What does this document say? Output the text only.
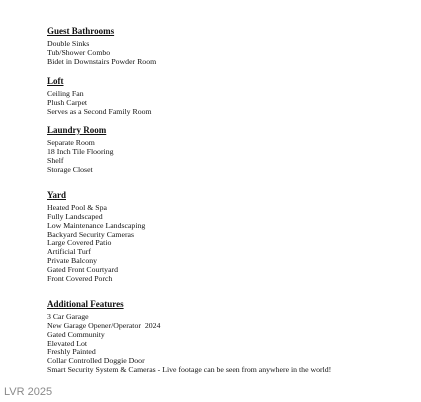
Guest Bathrooms
Double Sinks
Tub/Shower Combo
Bidet in Downstairs Powder Room
Loft
Ceiling Fan
Plush Carpet
Serves as a Second Family Room
Laundry Room
Separate Room
18 Inch Tile Flooring
Shelf
Storage Closet
Yard
Heated Pool & Spa
Fully Landscaped
Low Maintenance Landscaping
Backyard Security Cameras
Large Covered Patio
Artificial Turf
Private Balcony
Gated Front Courtyard
Front Covered Porch
Additional Features
3 Car Garage
New Garage Opener/Operator  2024
Gated Community
Elevated Lot
Freshly Painted
Collar Controlled Doggie Door
Smart Security System & Cameras - Live footage can be seen from anywhere in the world!
LVR 2025
